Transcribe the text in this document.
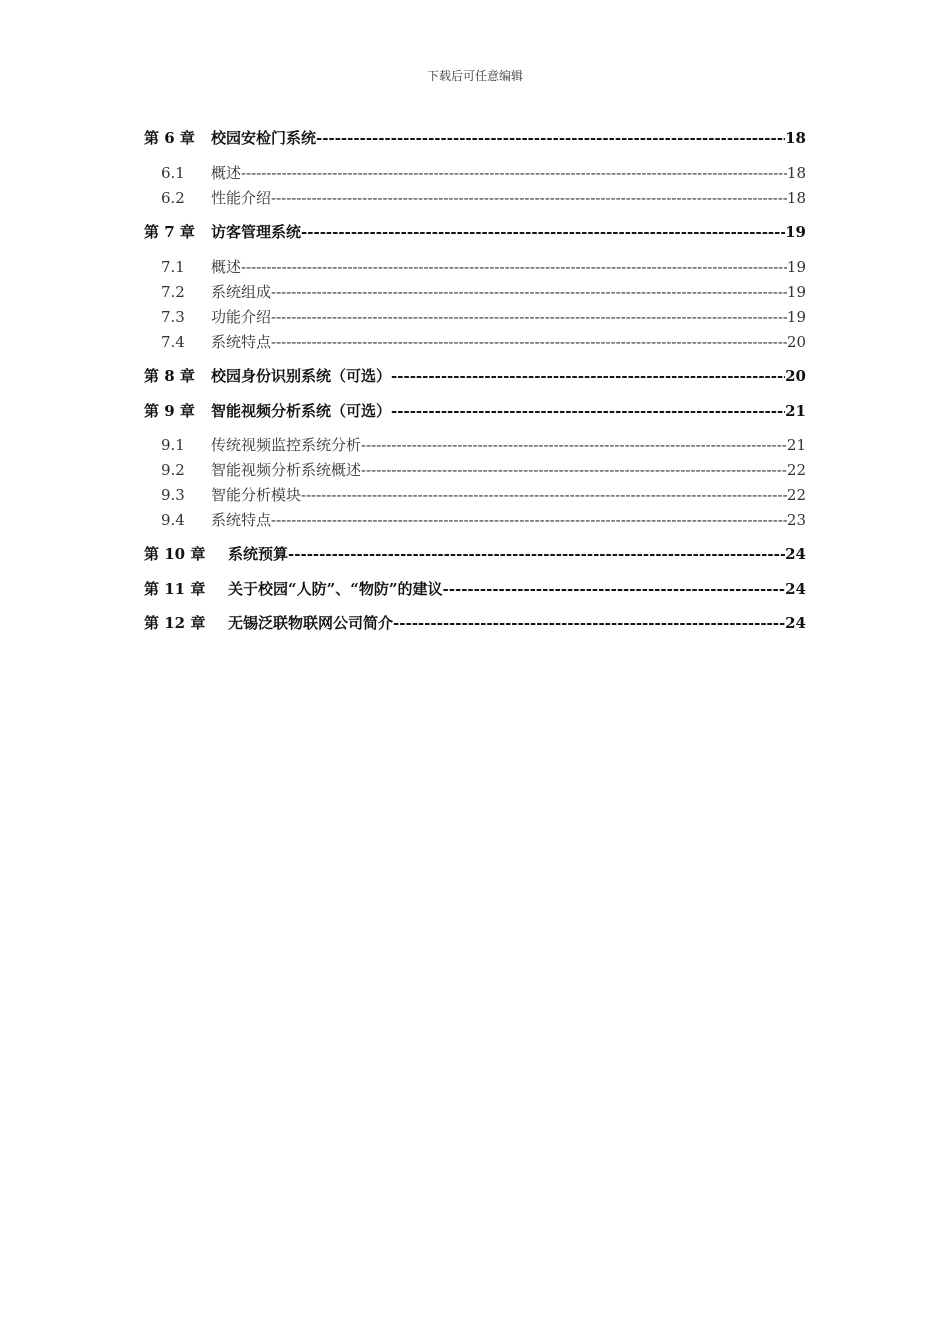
下载后可任意编辑
第 6 章	校园安检门系统 -----	18
6.1	概述 -----	18
6.2	性能介绍 -----	18
第 7 章	访客管理系统 -----	19
7.1	概述 -----	19
7.2	系统组成 -----	19
7.3	功能介绍 -----	19
7.4	系统特点 -----	20
第 8 章	校园身份识别系统（可选） -----	20
第 9 章	智能视频分析系统（可选） -----	21
9.1	传统视频监控系统分析 -----	21
9.2	智能视频分析系统概述 -----	22
9.3	智能分析模块 -----	22
9.4	系统特点 -----	23
第 10 章	系统预算 -----	24
第 11 章	关于校园“人防”、“物防”的建议 -----	24
第 12 章	无锡泛联物联网公司简介 -----	24
